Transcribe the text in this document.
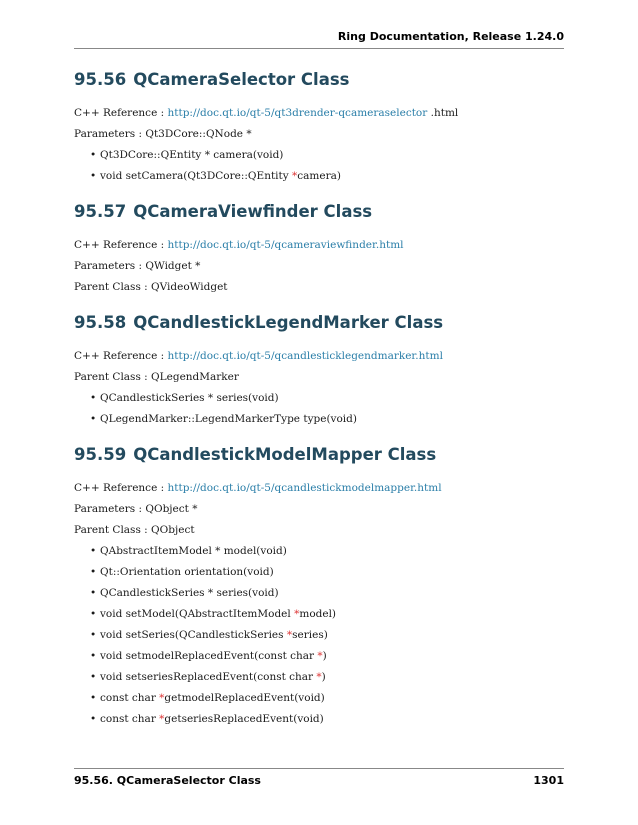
Ring Documentation, Release 1.24.0
95.56 QCameraSelector Class

C++ Reference : http://doc.qt.io/qt-5/qt3drender-qcameraselector .html

Parameters : Qt3DCore::QNode *

• Qt3DCore::QEntity * camera(void)
• void setCamera(Qt3DCore::QEntity *camera)
95.57 QCameraViewfinder Class

C++ Reference : http://doc.qt.io/qt-5/qcameraviewfinder.html

Parameters : QWidget *

Parent Class : QVideoWidget

95.58 QCandlestickLegendMarker Class

C++ Reference : http://doc.qt.io/qt-5/qcandlesticklegendmarker.html

Parent Class : QLegendMarker

• QCandlestickSeries * series(void)
• QLegendMarker::LegendMarkerType type(void)
95.59 QCandlestickModelMapper Class

C++ Reference : http://doc.qt.io/qt-5/qcandlestickmodelmapper.html

Parameters : QObject *

Parent Class : QObject

• QAbstractItemModel * model(void)
• Qt::Orientation orientation(void)
• QCandlestickSeries * series(void)
• void setModel(QAbstractItemModel *model)
• void setSeries(QCandlestickSeries *series)
• void setmodelReplacedEvent(const char *)
• void setseriesReplacedEvent(const char *)
• const char *getmodelReplacedEvent(void)
• const char *getseriesReplacedEvent(void)
95.56. QCameraSelector Class	1301
